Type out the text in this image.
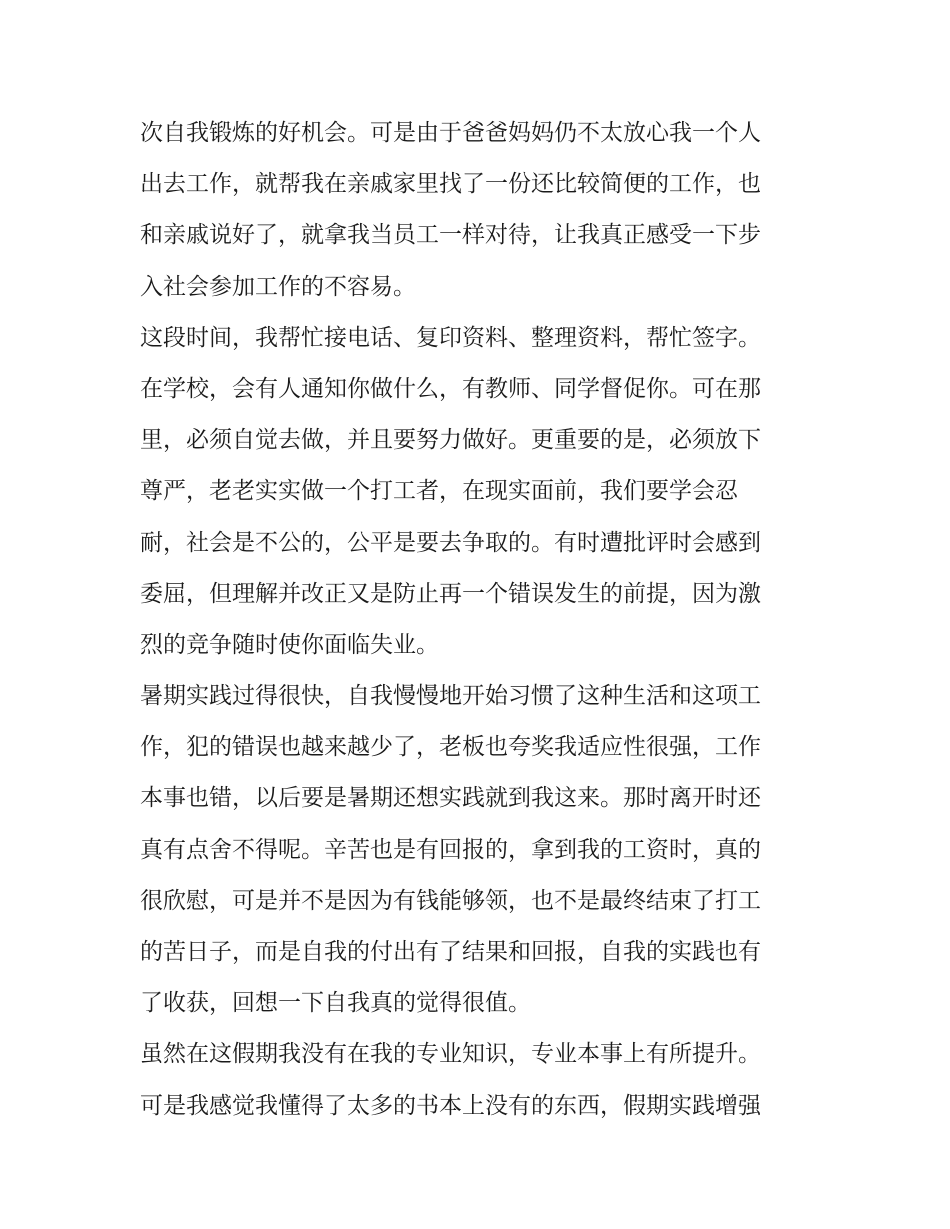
次自我锻炼的好机会。可是由于爸爸妈妈仍不太放心我一个人
出去工作，就帮我在亲戚家里找了一份还比较简便的工作，也
和亲戚说好了，就拿我当员工一样对待，让我真正感受一下步
入社会参加工作的不容易。
这段时间，我帮忙接电话、复印资料、整理资料，帮忙签字。
在学校，会有人通知你做什么，有教师、同学督促你。可在那
里，必须自觉去做，并且要努力做好。更重要的是，必须放下
尊严，老老实实做一个打工者，在现实面前，我们要学会忍
耐，社会是不公的，公平是要去争取的。有时遭批评时会感到
委屈，但理解并改正又是防止再一个错误发生的前提，因为激
烈的竞争随时使你面临失业。
暑期实践过得很快，自我慢慢地开始习惯了这种生活和这项工
作，犯的错误也越来越少了，老板也夸奖我适应性很强，工作
本事也错，以后要是暑期还想实践就到我这来。那时离开时还
真有点舍不得呢。辛苦也是有回报的，拿到我的工资时，真的
很欣慰，可是并不是因为有钱能够领，也不是最终结束了打工
的苦日子，而是自我的付出有了结果和回报，自我的实践也有
了收获，回想一下自我真的觉得很值。
虽然在这假期我没有在我的专业知识，专业本事上有所提升。
可是我感觉我懂得了太多的书本上没有的东西，假期实践增强
